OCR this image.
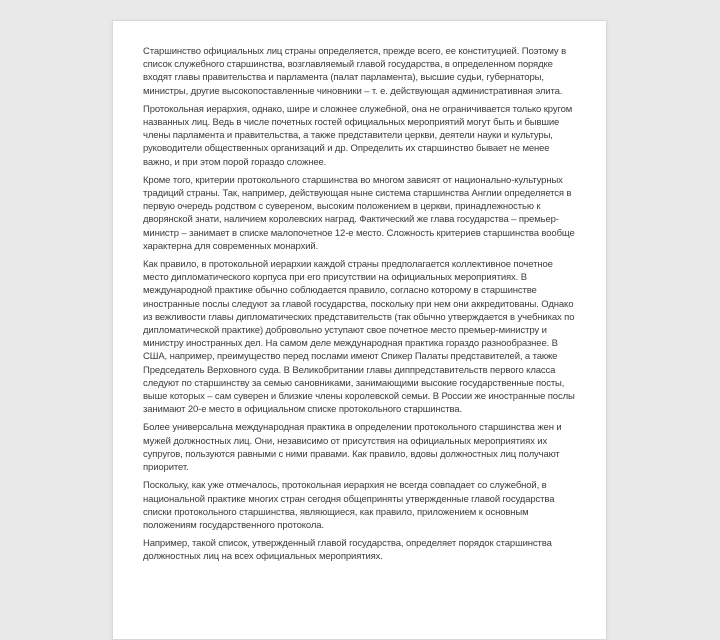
Старшинство официальных лиц страны определяется, прежде всего, ее конституцией. Поэтому в список служебного старшинства, возглавляемый главой государства, в определенном порядке входят главы правительства и парламента (палат парламента), высшие судьи, губернаторы, министры, другие высокопоставленные чиновники – т. е. действующая административная элита.

Протокольная иерархия, однако, шире и сложнее служебной, она не ограничивается только кругом названных лиц. Ведь в числе почетных гостей официальных мероприятий могут быть и бывшие члены парламента и правительства, а также представители церкви, деятели науки и культуры, руководители общественных организаций и др. Определить их старшинство бывает не менее важно, и при этом порой гораздо сложнее.

Кроме того, критерии протокольного старшинства во многом зависят от национально-культурных традиций страны. Так, например, действующая ныне система старшинства Англии определяется в первую очередь родством с сувереном, высоким положением в церкви, принадлежностью к дворянской знати, наличием королевских наград. Фактический же глава государства – премьер-министр – занимает в списке малопочетное 12-е место. Сложность критериев старшинства вообще характерна для современных монархий.

Как правило, в протокольной иерархии каждой страны предполагается коллективное почетное место дипломатического корпуса при его присутствии на официальных мероприятиях. В международной практике обычно соблюдается правило, согласно которому в старшинстве иностранные послы следуют за главой государства, поскольку при нем они аккредитованы. Однако из вежливости главы дипломатических представительств (так обычно утверждается в учебниках по дипломатической практике) добровольно уступают свое почетное место премьер-министру и министру иностранных дел. На самом деле международная практика гораздо разнообразнее. В США, например, преимущество перед послами имеют Спикер Палаты представителей, а также Председатель Верховного суда. В Великобритании главы диппредставительств первого класса следуют по старшинству за семью сановниками, занимающими высокие государственные посты, выше которых – сам суверен и близкие члены королевской семьи. В России же иностранные послы занимают 20-е место в официальном списке протокольного старшинства.

Более универсальна международная практика в определении протокольного старшинства жен и мужей должностных лиц. Они, независимо от присутствия на официальных мероприятиях их супругов, пользуются равными с ними правами. Как правило, вдовы должностных лиц получают приоритет.

Поскольку, как уже отмечалось, протокольная иерархия не всегда совпадает со служебной, в национальной практике многих стран сегодня общеприняты утвержденные главой государства списки протокольного старшинства, являющиеся, как правило, приложением к основным положениям государственного протокола.

Например, такой список, утвержденный главой государства, определяет порядок старшинства должностных лиц на всех официальных мероприятиях.
